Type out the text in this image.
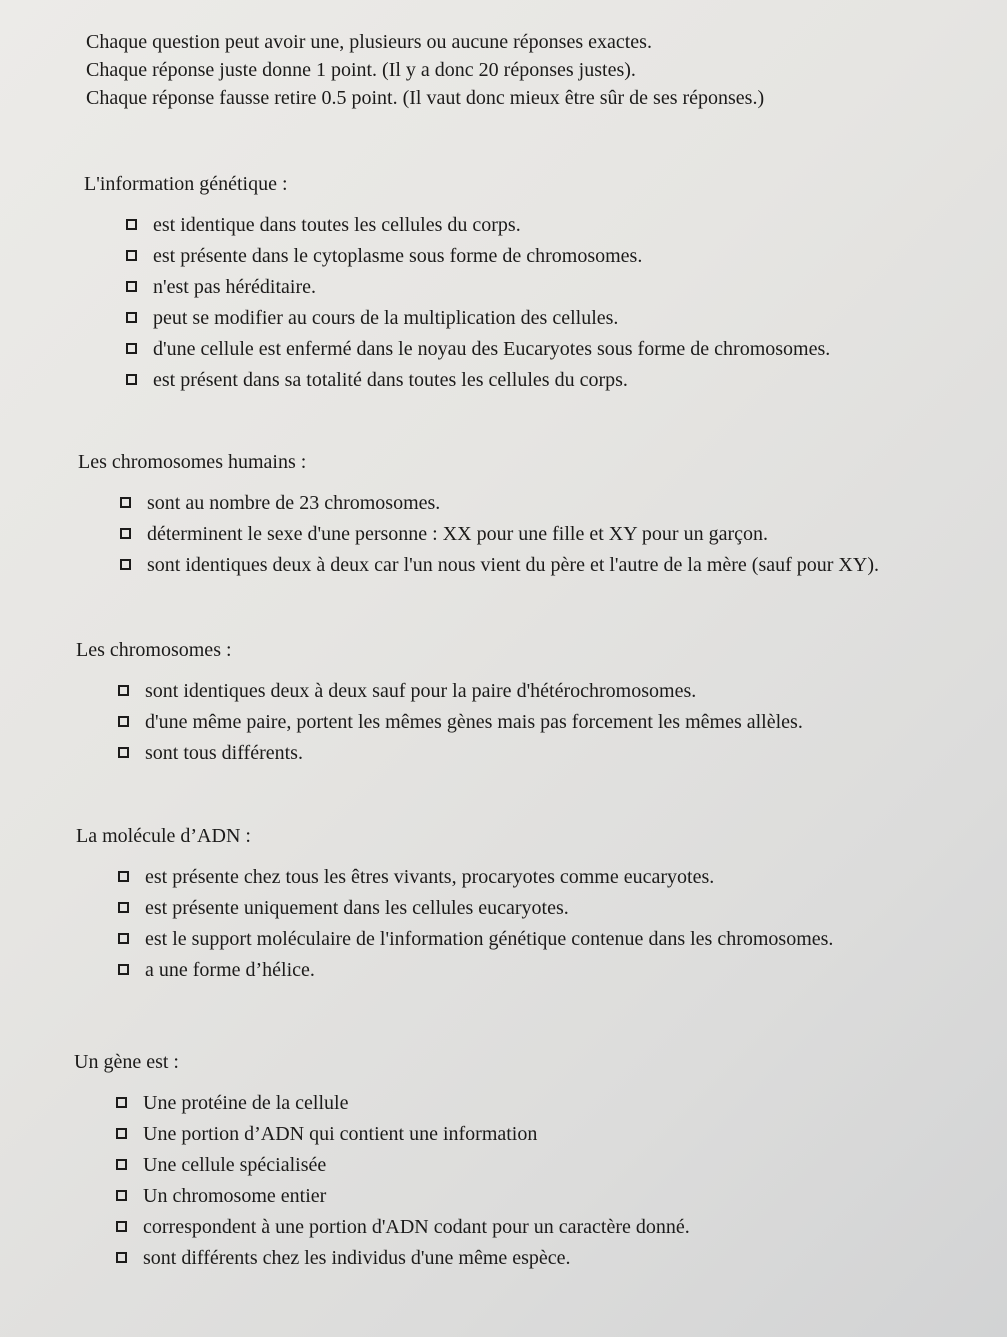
Chaque question peut avoir une, plusieurs ou aucune réponses exactes.

Chaque réponse juste donne 1 point. (Il y a donc 20 réponses justes).

Chaque réponse fausse retire 0.5 point. (Il vaut donc mieux être sûr de ses réponses.)

L'information génétique :
est identique dans toutes les cellules du corps.
est présente dans le cytoplasme sous forme de chromosomes.
n'est pas héréditaire.
peut se modifier au cours de la multiplication des cellules.
d'une cellule est enfermé dans le noyau des Eucaryotes sous forme de chromosomes.
est présent dans sa totalité dans toutes les cellules du corps.
Les chromosomes humains :
sont au nombre de 23 chromosomes.
déterminent le sexe d'une personne : XX pour une fille et XY pour un garçon.
sont identiques deux à deux car l'un nous vient du père et l'autre de la mère (sauf pour XY).
Les chromosomes :
sont identiques deux à deux sauf pour la paire d'hétérochromosomes.
d'une même paire, portent les mêmes gènes mais pas forcement les mêmes allèles.
sont tous différents.
La molécule d’ADN :
est présente chez tous les êtres vivants, procaryotes comme eucaryotes.
est présente uniquement dans les cellules eucaryotes.
est le support moléculaire de l'information génétique contenue dans les chromosomes.
a une forme d’hélice.
Un gène est :
Une protéine de la cellule
Une portion d’ADN qui contient une information
Une cellule spécialisée
Un chromosome entier
correspondent à une portion d'ADN codant pour un caractère donné.
sont différents chez les individus d'une même espèce.
